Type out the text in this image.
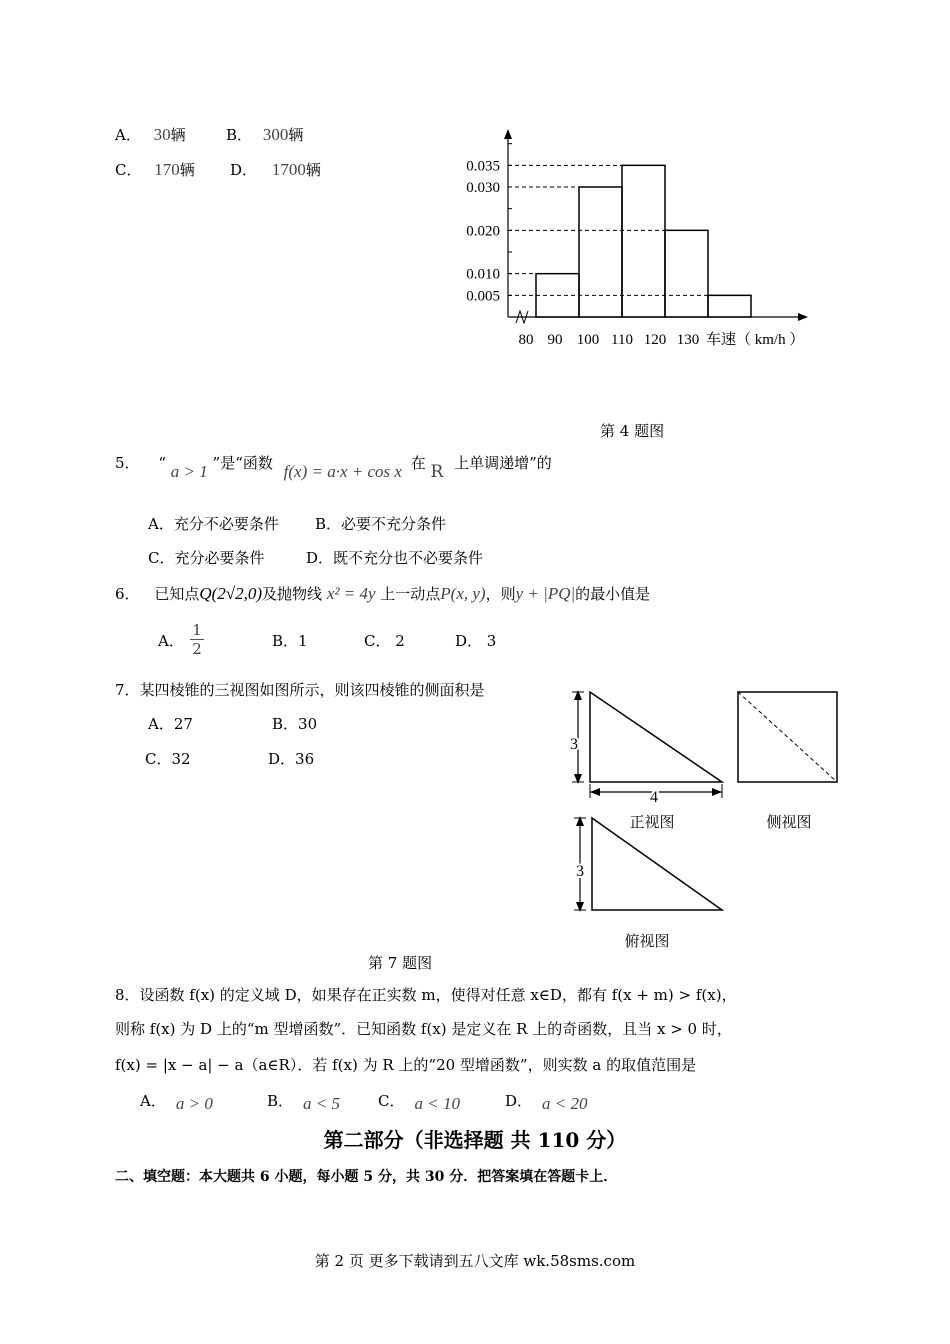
A． 30辆	B． 300辆
C． 170辆 D． 1700辆	0.035
0.030
0.020
0.010
0.005
80 90 100 110 120 130 车速（ km/h ）
第 4 题图
5． “ a > 1 ”是“函数 f(x) = a·x + cos x 在 R 上单调递增”的
A．充分不必要条件 B．必要不充分条件
C．充分必要条件	D．既不充分也不必要条件
6． 已知点Q(2√2,0)及抛物线 x² = 4y 上一动点P(x, y)，则y + |PQ|的最小值是
A．
1
2	B．1	C． 2	D． 3
7．某四棱锥的三视图如图所示，则该四棱锥的侧面积是
A．27	B．30
C．32	D．36
3
4
3
正视图	侧视图
俯视图
第 7 题图
8．设函数 f(x) 的定义域 D，如果存在正实数 m，使得对任意 x∈D，都有 f(x + m) > f(x)，
则称 f(x) 为 D 上的“m 型增函数”．已知函数 f(x) 是定义在 R 上的奇函数，且当 x > 0 时，
f(x) = |x − a| − a（a∈R）．若 f(x) 为 R 上的“20 型增函数”，则实数 a 的取值范围是
A． a > 0	B． a < 5	C． a < 10	D． a < 20
第二部分（非选择题 共 110 分）
二、填空题：本大题共 6 小题，每小题 5 分，共 30 分．把答案填在答题卡上．
第 2 页 更多下载请到五八文库 wk.58sms.com
